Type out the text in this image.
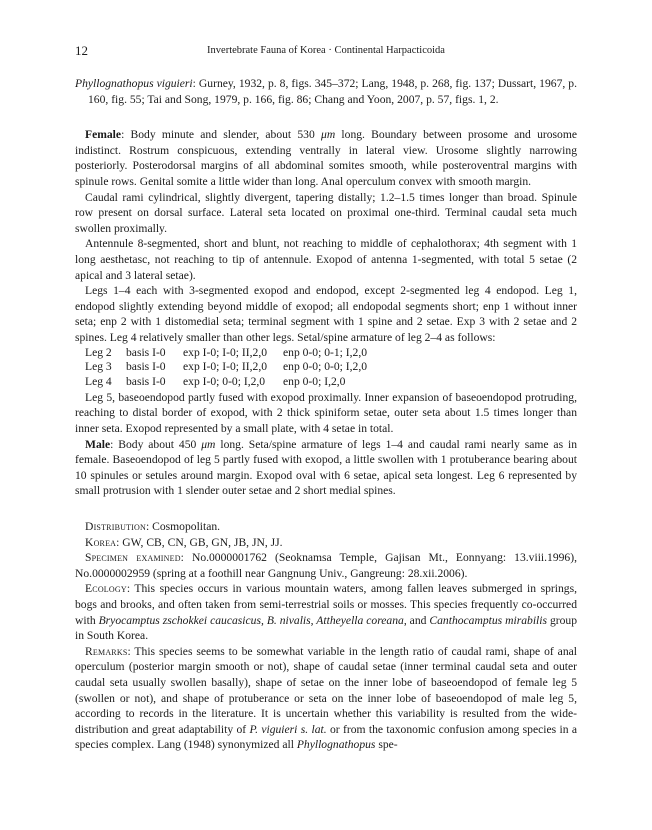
12	Invertebrate Fauna of Korea · Continental Harpacticoida

Phyllognathopus viguieri: Gurney, 1932, p. 8, figs. 345–372; Lang, 1948, p. 268, fig. 137; Dussart, 1967, p. 160, fig. 55; Tai and Song, 1979, p. 166, fig. 86; Chang and Yoon, 2007, p. 57, figs. 1, 2.

Female: Body minute and slender, about 530 μm long. Boundary between prosome and urosome indistinct. Rostrum conspicuous, extending ventrally in lateral view. Urosome slightly narrowing posteriorly. Posterodorsal margins of all abdominal somites smooth, while posteroventral margins with spinule rows. Genital somite a little wider than long. Anal operculum convex with smooth margin.

Caudal rami cylindrical, slightly divergent, tapering distally; 1.2–1.5 times longer than broad. Spinule row present on dorsal surface. Lateral seta located on proximal one-third. Terminal caudal seta much swollen proximally.

Antennule 8-segmented, short and blunt, not reaching to middle of cephalothorax; 4th segment with 1 long aesthetasc, not reaching to tip of antennule. Exopod of antenna 1-segmented, with total 5 setae (2 apical and 3 lateral setae).

Legs 1–4 each with 3-segmented exopod and endopod, except 2-segmented leg 4 endopod. Leg 1, endopod slightly extending beyond middle of exopod; all endopodal segments short; enp 1 without inner seta; enp 2 with 1 distomedial seta; terminal segment with 1 spine and 2 setae. Exp 3 with 2 setae and 2 spines. Leg 4 relatively smaller than other legs. Setal/spine armature of leg 2–4 as follows:

Leg 2	basis I-0	exp I-0; I-0; II,2,0	enp 0-0; 0-1; I,2,0
Leg 3	basis I-0	exp I-0; I-0; II,2,0	enp 0-0; 0-0; I,2,0
Leg 4	basis I-0	exp I-0; 0-0; I,2,0	enp 0-0; I,2,0

Leg 5, baseoendopod partly fused with exopod proximally. Inner expansion of baseoendopod protruding, reaching to distal border of exopod, with 2 thick spiniform setae, outer seta about 1.5 times longer than inner seta. Exopod represented by a small plate, with 4 setae in total.

Male: Body about 450 μm long. Seta/spine armature of legs 1–4 and caudal rami nearly same as in female. Baseoendopod of leg 5 partly fused with exopod, a little swollen with 1 protuberance bearing about 10 spinules or setules around margin. Exopod oval with 6 setae, apical seta longest. Leg 6 represented by small protrusion with 1 slender outer setae and 2 short medial spines.

Distribution: Cosmopolitan.

Korea: GW, CB, CN, GB, GN, JB, JN, JJ.

Specimen examined: No.0000001762 (Seoknamsa Temple, Gajisan Mt., Eonnyang: 13.viii.1996), No.0000002959 (spring at a foothill near Gangnung Univ., Gangreung: 28.xii.2006).

Ecology: This species occurs in various mountain waters, among fallen leaves submerged in springs, bogs and brooks, and often taken from semi-terrestrial soils or mosses. This species frequently co-occurred with Bryocamptus zschokkei caucasicus, B. nivalis, Attheyella coreana, and Canthocamptus mirabilis group in South Korea.

Remarks: This species seems to be somewhat variable in the length ratio of caudal rami, shape of anal operculum (posterior margin smooth or not), shape of caudal setae (inner terminal caudal seta and outer caudal seta usually swollen basally), shape of setae on the inner lobe of baseoendopod of female leg 5 (swollen or not), and shape of protuberance or seta on the inner lobe of baseoendopod of male leg 5, according to records in the literature. It is uncertain whether this variability is resulted from the wide-distribution and great adaptability of P. viguieri s. lat. or from the taxonomic confusion among species in a species complex. Lang (1948) synonymized all Phyllognathopus spe-
